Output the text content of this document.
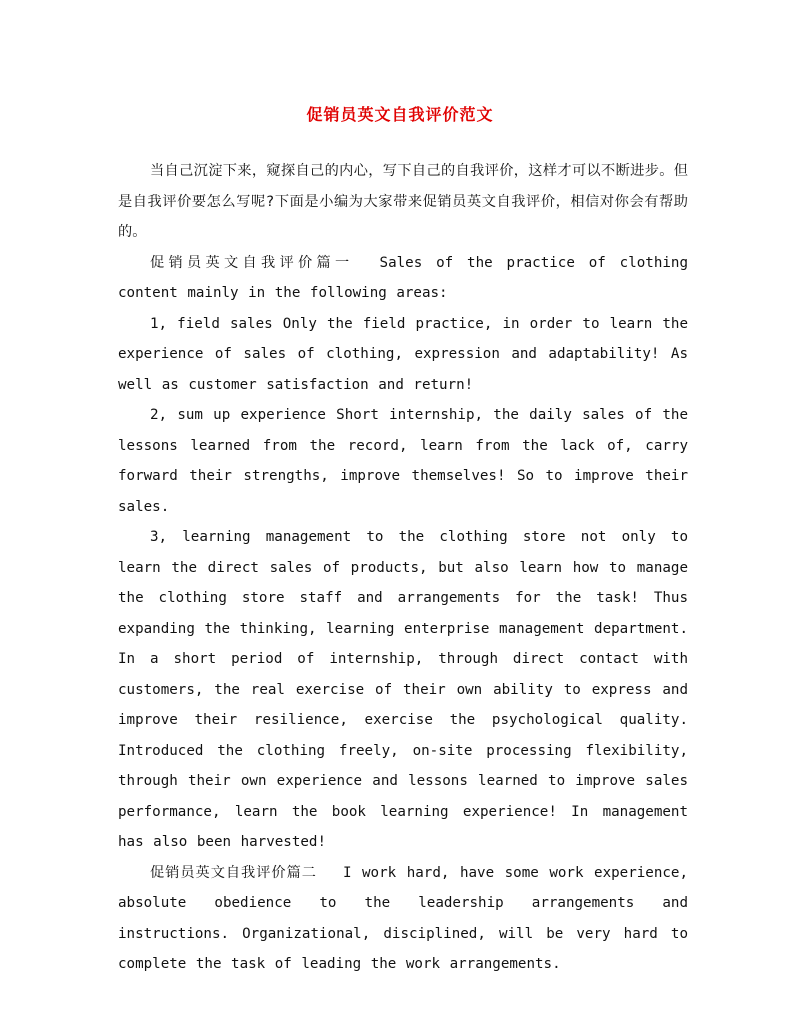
促销员英文自我评价范文

当自己沉淀下来，窥探自己的内心，写下自己的自我评价，这样才可以不断进步。但是自我评价要怎么写呢?下面是小编为大家带来促销员英文自我评价，相信对你会有帮助的。

促销员英文自我评价篇一 Sales of the practice of clothing content mainly in the following areas:

1, field sales Only the field practice, in order to learn the experience of sales of clothing, expression and adaptability! As well as customer satisfaction and return!

2, sum up experience Short internship, the daily sales of the lessons learned from the record, learn from the lack of, carry forward their strengths, improve themselves! So to improve their sales.

3, learning management to the clothing store not only to learn the direct sales of products, but also learn how to manage the clothing store staff and arrangements for the task! Thus expanding the thinking, learning enterprise management department. In a short period of internship, through direct contact with customers, the real exercise of their own ability to express and improve their resilience, exercise the psychological quality. Introduced the clothing freely, on-site processing flexibility, through their own experience and lessons learned to improve sales performance, learn the book learning experience! In management has also been harvested!

促销员英文自我评价篇二 I work hard, have some work experience, absolute obedience to the leadership arrangements and instructions. Organizational, disciplined, will be very hard to complete the task of leading the work arrangements.
